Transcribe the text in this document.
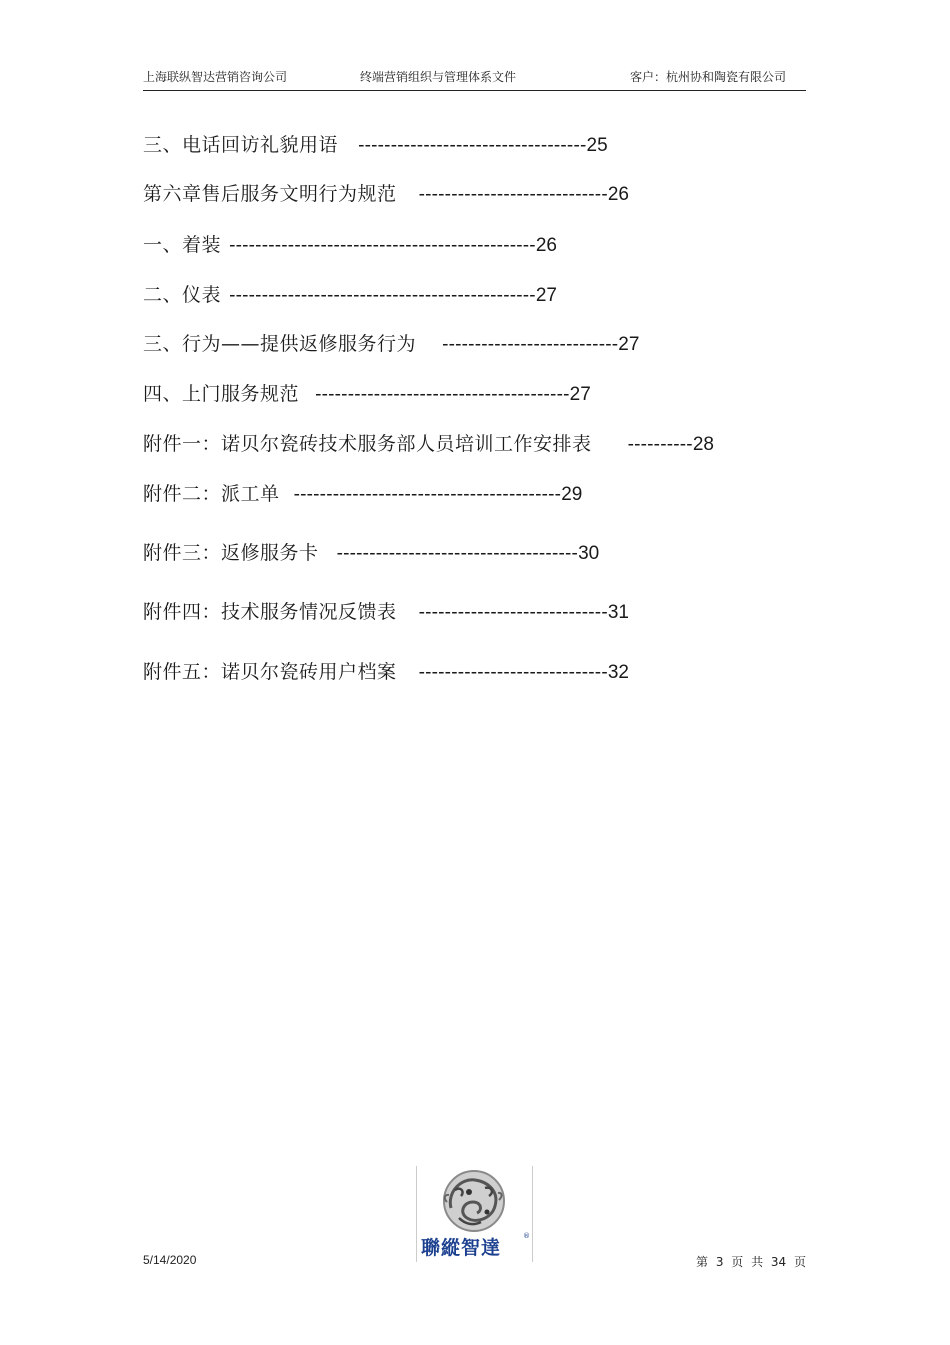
上海联纵智达营销咨询公司	终端营销组织与管理体系文件	客户：杭州协和陶瓷有限公司
三、电话回访礼貌用语 -----------------------------------25
第六章售后服务文明行为规范 -----------------------------26
一、着装 -----------------------------------------------26
二、仪表 -----------------------------------------------27
三、行为——提供返修服务行为 ---------------------------27
四、上门服务规范 ---------------------------------------27
附件一：诺贝尔瓷砖技术服务部人员培训工作安排表 ----------28
附件二：派工单 -----------------------------------------29
附件三：返修服务卡 -------------------------------------30
附件四：技术服务情况反馈表 -----------------------------31
附件五：诺贝尔瓷砖用户档案 -----------------------------32
聯縱智達
®
5/14/2020	第 3 页 共 34 页
